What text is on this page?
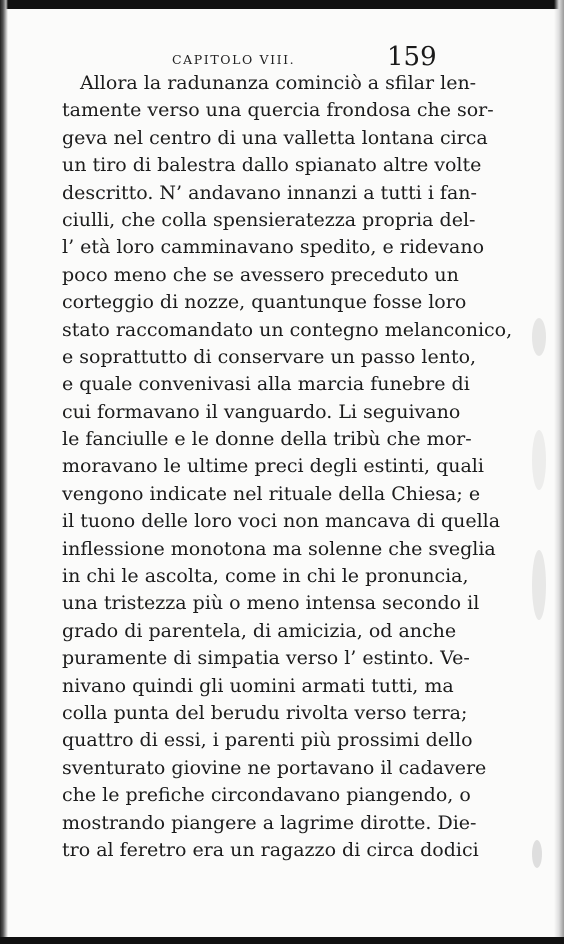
CAPITOLO VIII.	159
Allora la radunanza cominciò a sfilar len-
tamente verso una quercia frondosa che sor-
geva nel centro di una valletta lontana circa
un tiro di balestra dallo spianato altre volte
descritto. N’ andavano innanzi a tutti i fan-
ciulli, che colla spensieratezza propria del-
l’ età loro camminavano spedito, e ridevano
poco meno che se avessero preceduto un
corteggio di nozze, quantunque fosse loro
stato raccomandato un contegno melanconico,
e soprattutto di conservare un passo lento,
e quale convenivasi alla marcia funebre di
cui formavano il vanguardo. Li seguivano
le fanciulle e le donne della tribù che mor-
moravano le ultime preci degli estinti, quali
vengono indicate nel rituale della Chiesa; e
il tuono delle loro voci non mancava di quella
inflessione monotona ma solenne che sveglia
in chi le ascolta, come in chi le pronuncia,
una tristezza più o meno intensa secondo il
grado di parentela, di amicizia, od anche
puramente di simpatia verso l’ estinto. Ve-
nivano quindi gli uomini armati tutti, ma
colla punta del berudu rivolta verso terra;
quattro di essi, i parenti più prossimi dello
sventurato giovine ne portavano il cadavere
che le prefiche circondavano piangendo, o
mostrando piangere a lagrime dirotte. Die-
tro al feretro era un ragazzo di circa dodici
